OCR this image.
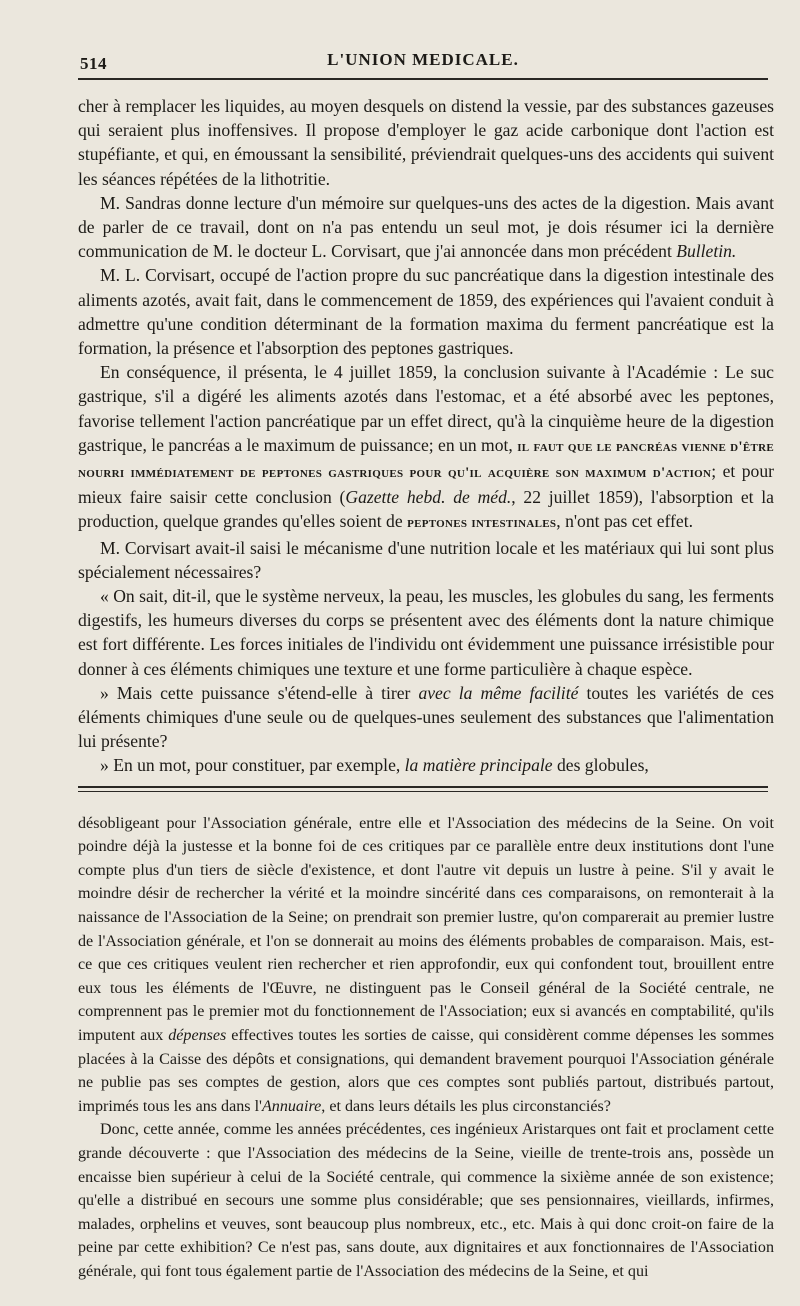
514	L'UNION MEDICALE.

cher à remplacer les liquides, au moyen desquels on distend la vessie, par des substances gazeuses qui seraient plus inoffensives. Il propose d'employer le gaz acide carbonique dont l'action est stupéfiante, et qui, en émoussant la sensibilité, préviendrait quelques-uns des accidents qui suivent les séances répétées de la lithotritie.

M. Sandras donne lecture d'un mémoire sur quelques-uns des actes de la digestion. Mais avant de parler de ce travail, dont on n'a pas entendu un seul mot, je dois résumer ici la dernière communication de M. le docteur L. Corvisart, que j'ai annoncée dans mon précédent Bulletin.

M. L. Corvisart, occupé de l'action propre du suc pancréatique dans la digestion intestinale des aliments azotés, avait fait, dans le commencement de 1859, des expériences qui l'avaient conduit à admettre qu'une condition déterminant de la formation maxima du ferment pancréatique est la formation, la présence et l'absorption des peptones gastriques.

En conséquence, il présenta, le 4 juillet 1859, la conclusion suivante à l'Académie : Le suc gastrique, s'il a digéré les aliments azotés dans l'estomac, et a été absorbé avec les peptones, favorise tellement l'action pancréatique par un effet direct, qu'à la cinquième heure de la digestion gastrique, le pancréas a le maximum de puissance; en un mot, il faut que le pancréas vienne d'être nourri immédiatement de peptones gastriques pour qu'il acquière son maximum d'action; et pour mieux faire saisir cette conclusion (Gazette hebd. de méd., 22 juillet 1859), l'absorption et la production, quelque grandes qu'elles soient de peptones intestinales, n'ont pas cet effet.

M. Corvisart avait-il saisi le mécanisme d'une nutrition locale et les matériaux qui lui sont plus spécialement nécessaires?

« On sait, dit-il, que le système nerveux, la peau, les muscles, les globules du sang, les ferments digestifs, les humeurs diverses du corps se présentent avec des éléments dont la nature chimique est fort différente. Les forces initiales de l'individu ont évidemment une puissance irrésistible pour donner à ces éléments chimiques une texture et une forme particulière à chaque espèce.

» Mais cette puissance s'étend-elle à tirer avec la même facilité toutes les variétés de ces éléments chimiques d'une seule ou de quelques-unes seulement des substances que l'alimentation lui présente?

» En un mot, pour constituer, par exemple, la matière principale des globules,

désobligeant pour l'Association générale, entre elle et l'Association des médecins de la Seine. On voit poindre déjà la justesse et la bonne foi de ces critiques par ce parallèle entre deux institutions dont l'une compte plus d'un tiers de siècle d'existence, et dont l'autre vit depuis un lustre à peine. S'il y avait le moindre désir de rechercher la vérité et la moindre sincérité dans ces comparaisons, on remonterait à la naissance de l'Association de la Seine; on prendrait son premier lustre, qu'on comparerait au premier lustre de l'Association générale, et l'on se donnerait au moins des éléments probables de comparaison. Mais, est-ce que ces critiques veulent rien rechercher et rien approfondir, eux qui confondent tout, brouillent entre eux tous les éléments de l'Œuvre, ne distinguent pas le Conseil général de la Société centrale, ne comprennent pas le premier mot du fonctionnement de l'Association; eux si avancés en comptabilité, qu'ils imputent aux dépenses effectives toutes les sorties de caisse, qui considèrent comme dépenses les sommes placées à la Caisse des dépôts et consignations, qui demandent bravement pourquoi l'Association générale ne publie pas ses comptes de gestion, alors que ces comptes sont publiés partout, distribués partout, imprimés tous les ans dans l'Annuaire, et dans leurs détails les plus circonstanciés?

Donc, cette année, comme les années précédentes, ces ingénieux Aristarques ont fait et proclament cette grande découverte : que l'Association des médecins de la Seine, vieille de trente-trois ans, possède un encaisse bien supérieur à celui de la Société centrale, qui commence la sixième année de son existence; qu'elle a distribué en secours une somme plus considérable; que ses pensionnaires, vieillards, infirmes, malades, orphelins et veuves, sont beaucoup plus nombreux, etc., etc. Mais à qui donc croit-on faire de la peine par cette exhibition? Ce n'est pas, sans doute, aux dignitaires et aux fonctionnaires de l'Association générale, qui font tous également partie de l'Association des médecins de la Seine, et qui
